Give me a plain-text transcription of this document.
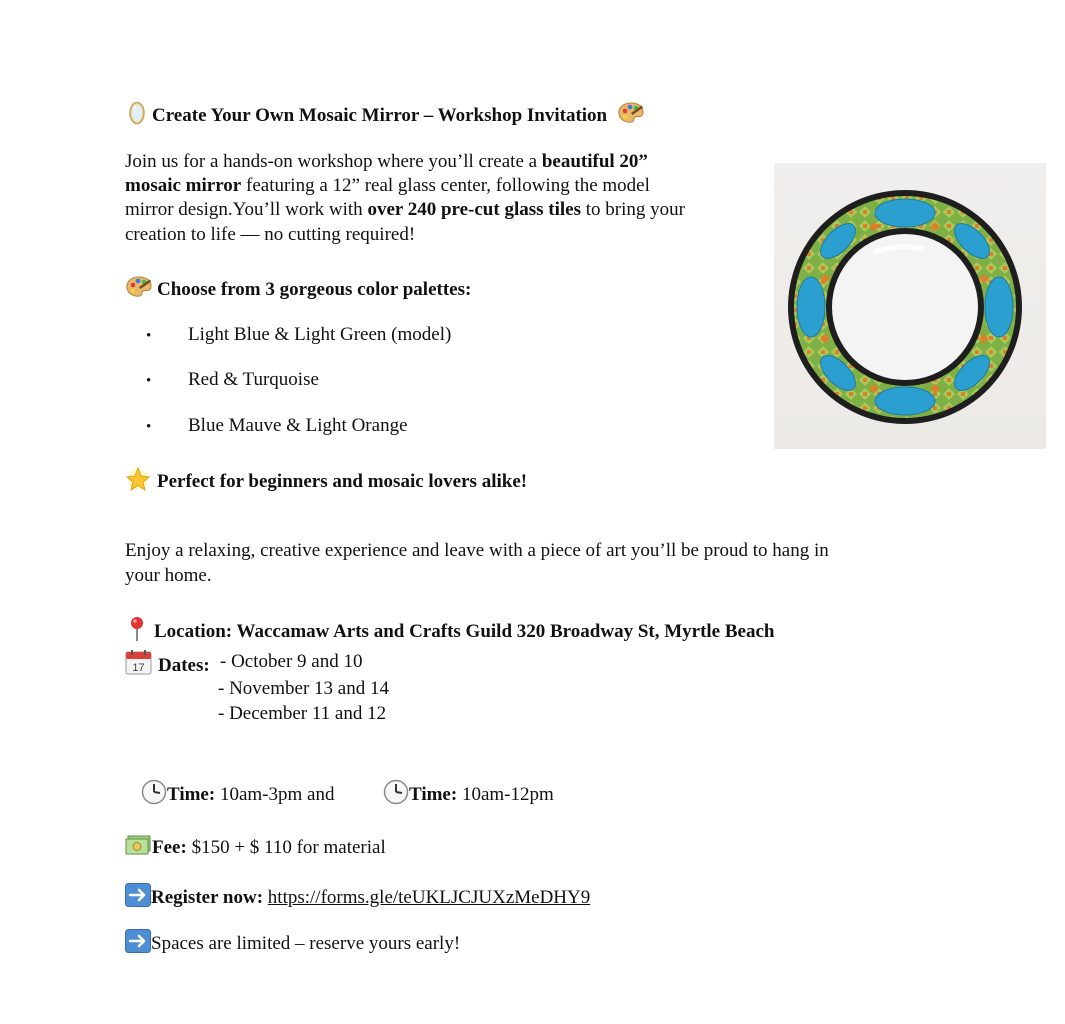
Create Your Own Mosaic Mirror – Workshop Invitation
Join us for a hands-on workshop where you’ll create a beautiful 20”
mosaic mirror featuring a 12” real glass center, following the model
mirror design.You’ll work with over 240 pre-cut glass tiles to bring your
creation to life — no cutting required!
Choose from 3 gorgeous color palettes:
• Light Blue & Light Green (model)
• Red & Turquoise
• Blue Mauve & Light Orange
Perfect for beginners and mosaic lovers alike!
Enjoy a relaxing, creative experience and leave with a piece of art you’ll be proud to hang in
your home.
Location: Waccamaw Arts and Crafts Guild 320 Broadway St, Myrtle Beach
17 Dates: - October 9 and 10
- November 13 and 14
- December 11 and 12
Time: 10am-3pm and	Time: 10am-12pm
Fee: $150 + $ 110 for material
Register now: https://forms.gle/teUKLJCJUXzMeDHY9
Spaces are limited – reserve yours early!
